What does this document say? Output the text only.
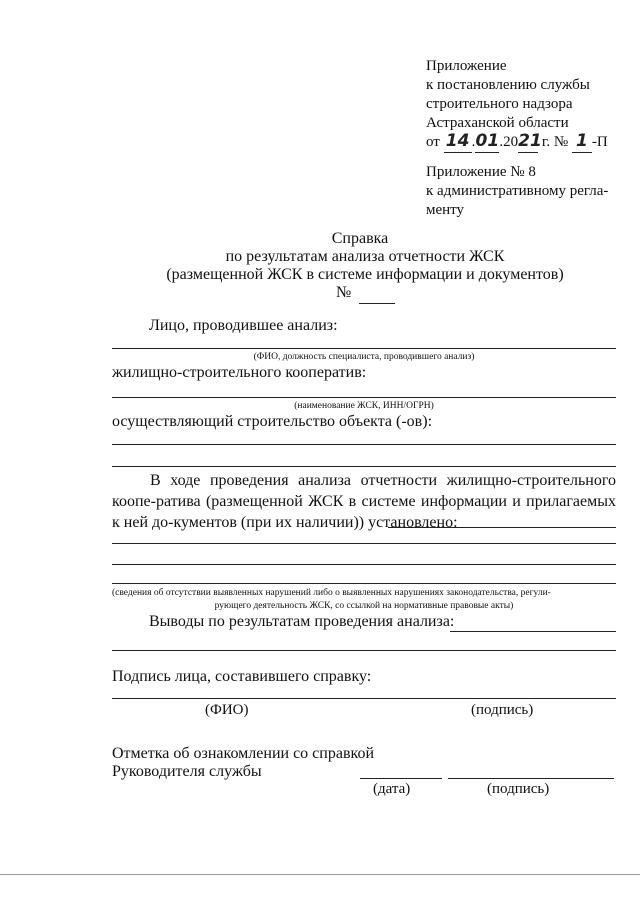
Приложение
к постановлению службы
строительного надзора
Астраханской области
от 14 .01.2021 г. № 1 -П
Приложение № 8
к административному регла-
менту
Справка
по результатам анализа отчетности ЖСК
(размещенной ЖСК в системе информации и документов)
№
Лицо, проводившее анализ:
(ФИО, должность специалиста, проводившего анализ)
жилищно-строительного кооператив:
(наименование ЖСК, ИНН/ОГРН)
осуществляющий строительство объекта (-ов):
В ходе проведения анализа отчетности жилищно-строительного коопе-ратива (размещенной ЖСК в системе информации и прилагаемых к ней до-кументов (при их наличии)) установлено:
(сведения об отсутствии выявленных нарушений либо о выявленных нарушениях законодательства, регули-
рующего деятельность ЖСК, со ссылкой на нормативные правовые акты)
Выводы по результатам проведения анализа:
Подпись лица, составившего справку:
(ФИО)	(подпись)
Отметка об ознакомлении со справкой
Руководителя службы
(дата)	(подпись)
